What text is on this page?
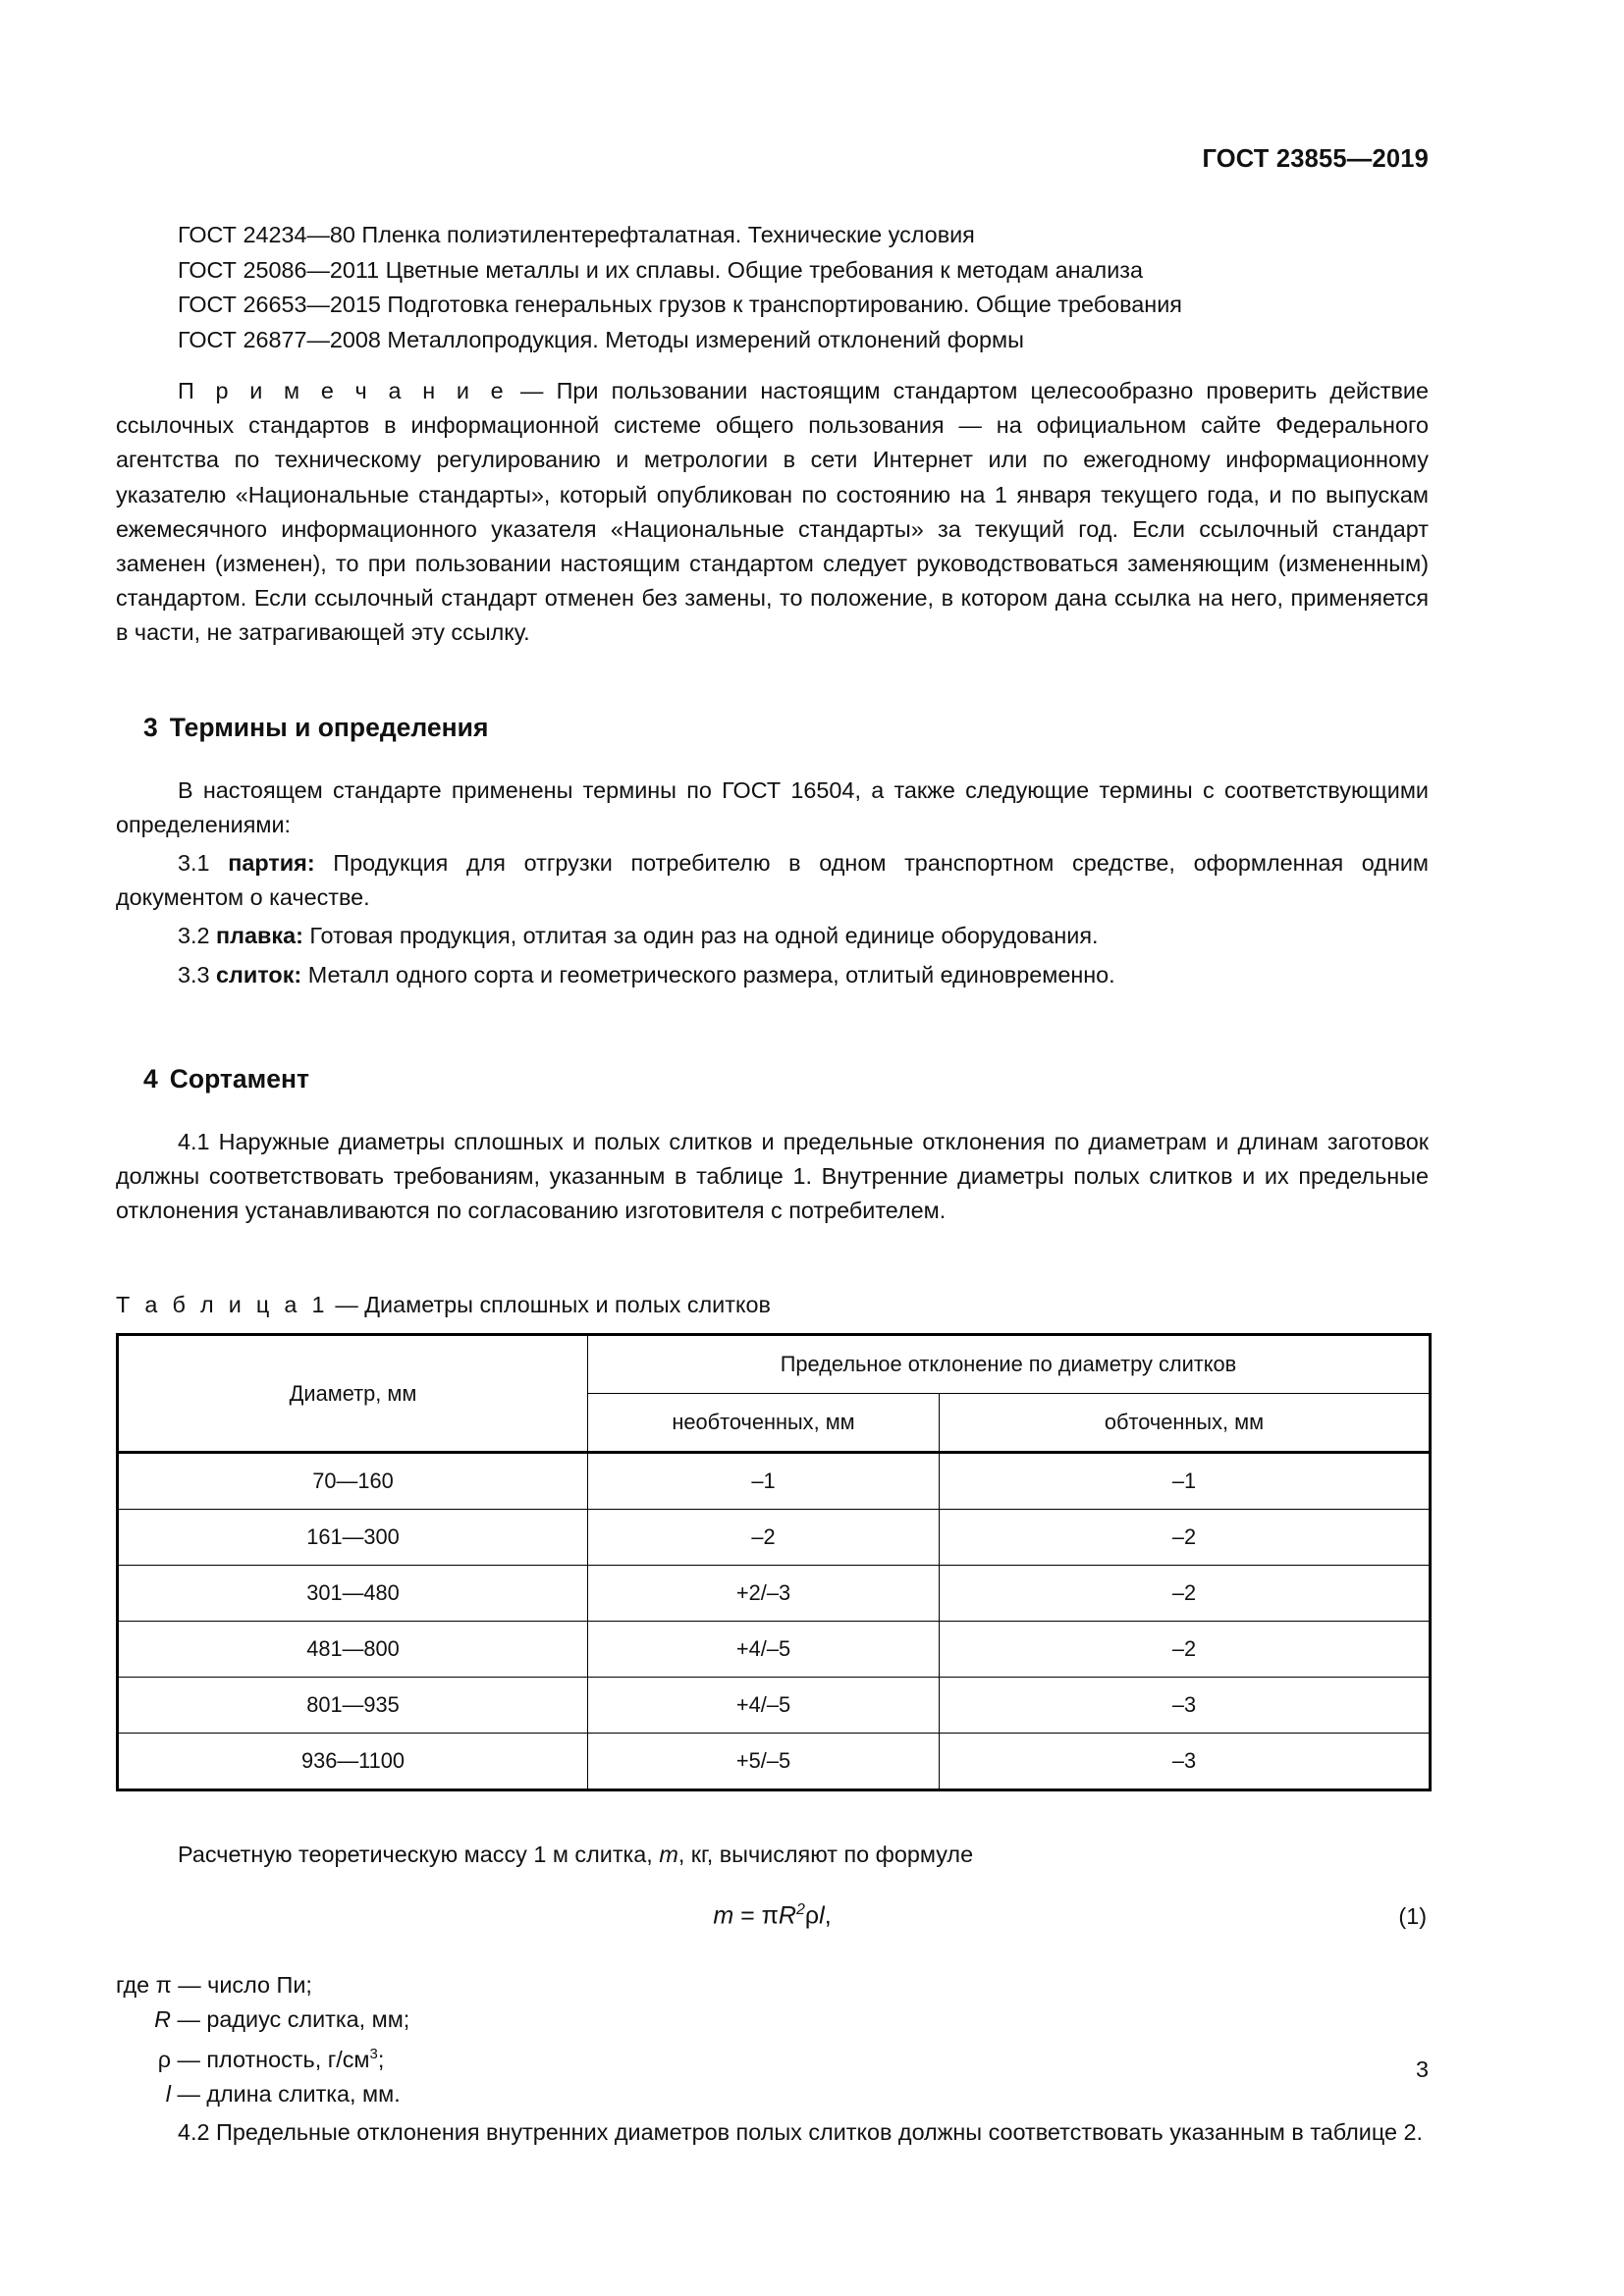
ГОСТ 23855—2019
ГОСТ 24234—80 Пленка полиэтилентерефталатная. Технические условия
ГОСТ 25086—2011 Цветные металлы и их сплавы. Общие требования к методам анализа
ГОСТ 26653—2015 Подготовка генеральных грузов к транспортированию. Общие требования
ГОСТ 26877—2008 Металлопродукция. Методы измерений отклонений формы

П р и м е ч а н и е — При пользовании настоящим стандартом целесообразно проверить действие ссылочных стандартов в информационной системе общего пользования — на официальном сайте Федерального агентства по техническому регулированию и метрологии в сети Интернет или по ежегодному информационному указателю «Национальные стандарты», который опубликован по состоянию на 1 января текущего года, и по выпускам ежемесячного информационного указателя «Национальные стандарты» за текущий год. Если ссылочный стандарт заменен (изменен), то при пользовании настоящим стандартом следует руководствоваться заменяющим (измененным) стандартом. Если ссылочный стандарт отменен без замены, то положение, в котором дана ссылка на него, применяется в части, не затрагивающей эту ссылку.

3 Термины и определения

В настоящем стандарте применены термины по ГОСТ 16504, а также следующие термины с соответствующими определениями:

3.1 партия: Продукция для отгрузки потребителю в одном транспортном средстве, оформленная одним документом о качестве.

3.2 плавка: Готовая продукция, отлитая за один раз на одной единице оборудования.

3.3 слиток: Металл одного сорта и геометрического размера, отлитый единовременно.

4 Сортамент

4.1 Наружные диаметры сплошных и полых слитков и предельные отклонения по диаметрам и длинам заготовок должны соответствовать требованиям, указанным в таблице 1. Внутренние диаметры полых слитков и их предельные отклонения устанавливаются по согласованию изготовителя с потребителем.

Т а б л и ц а 1 — Диаметры сплошных и полых слитков
Диаметр, мм	Предельное отклонение по диаметру слитков	
	необточенных, мм	обточенных, мм
70—160	–1	–1
161—300	–2	–2
301—480	+2/–3	–2
481—800	+4/–5	–2
801—935	+4/–5	–3
936—1100	+5/–5	–3
Расчетную теоретическую массу 1 м слитка, m, кг, вычисляют по формуле
$m = \pi R^2\rho l$,	(1)
где π — число Пи;
R — радиус слитка, мм;
ρ — плотность, $г/см^3$;
l — длина слитка, мм.

4.2 Предельные отклонения внутренних диаметров полых слитков должны соответствовать указанным в таблице 2.

3
